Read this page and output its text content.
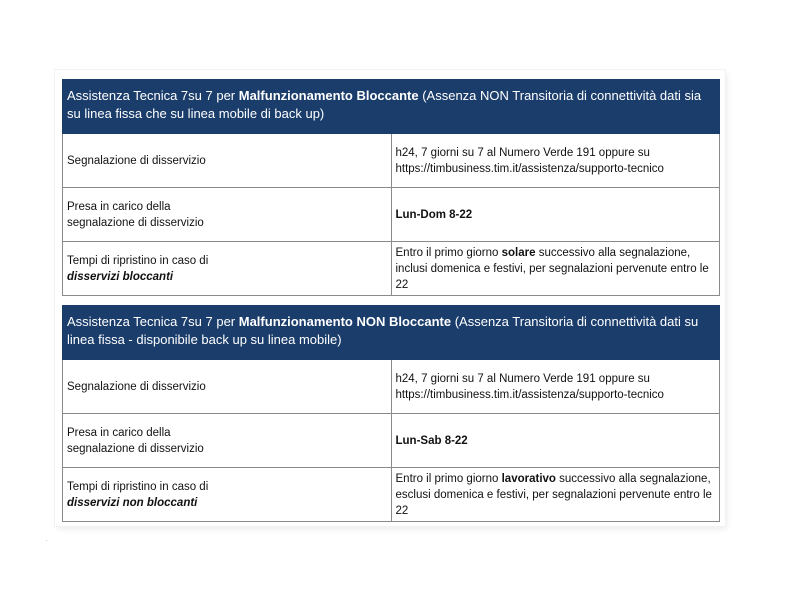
Assistenza Tecnica 7su 7 per Malfunzionamento Bloccante (Assenza NON Transitoria di connettività dati sia su linea fissa che su linea mobile di back up)	
Segnalazione di disservizio	h24, 7 giorni su 7 al Numero Verde 191 oppure su
https://timbusiness.tim.it/assistenza/supporto-tecnico
Presa in carico della
segnalazione di disservizio	Lun-Dom 8-22
Tempi di ripristino in caso di
disservizi bloccanti	Entro il primo giorno solare successivo alla segnalazione, inclusi domenica e festivi, per segnalazioni pervenute entro le 22
Assistenza Tecnica 7su 7 per Malfunzionamento NON Bloccante (Assenza Transitoria di connettività dati su linea fissa - disponibile back up su linea mobile)	
Segnalazione di disservizio	h24, 7 giorni su 7 al Numero Verde 191 oppure su
https://timbusiness.tim.it/assistenza/supporto-tecnico
Presa in carico della
segnalazione di disservizio	Lun-Sab 8-22
Tempi di ripristino in caso di
disservizi non bloccanti	Entro il primo giorno lavorativo successivo alla segnalazione, esclusi domenica e festivi, per segnalazioni pervenute entro le 22
